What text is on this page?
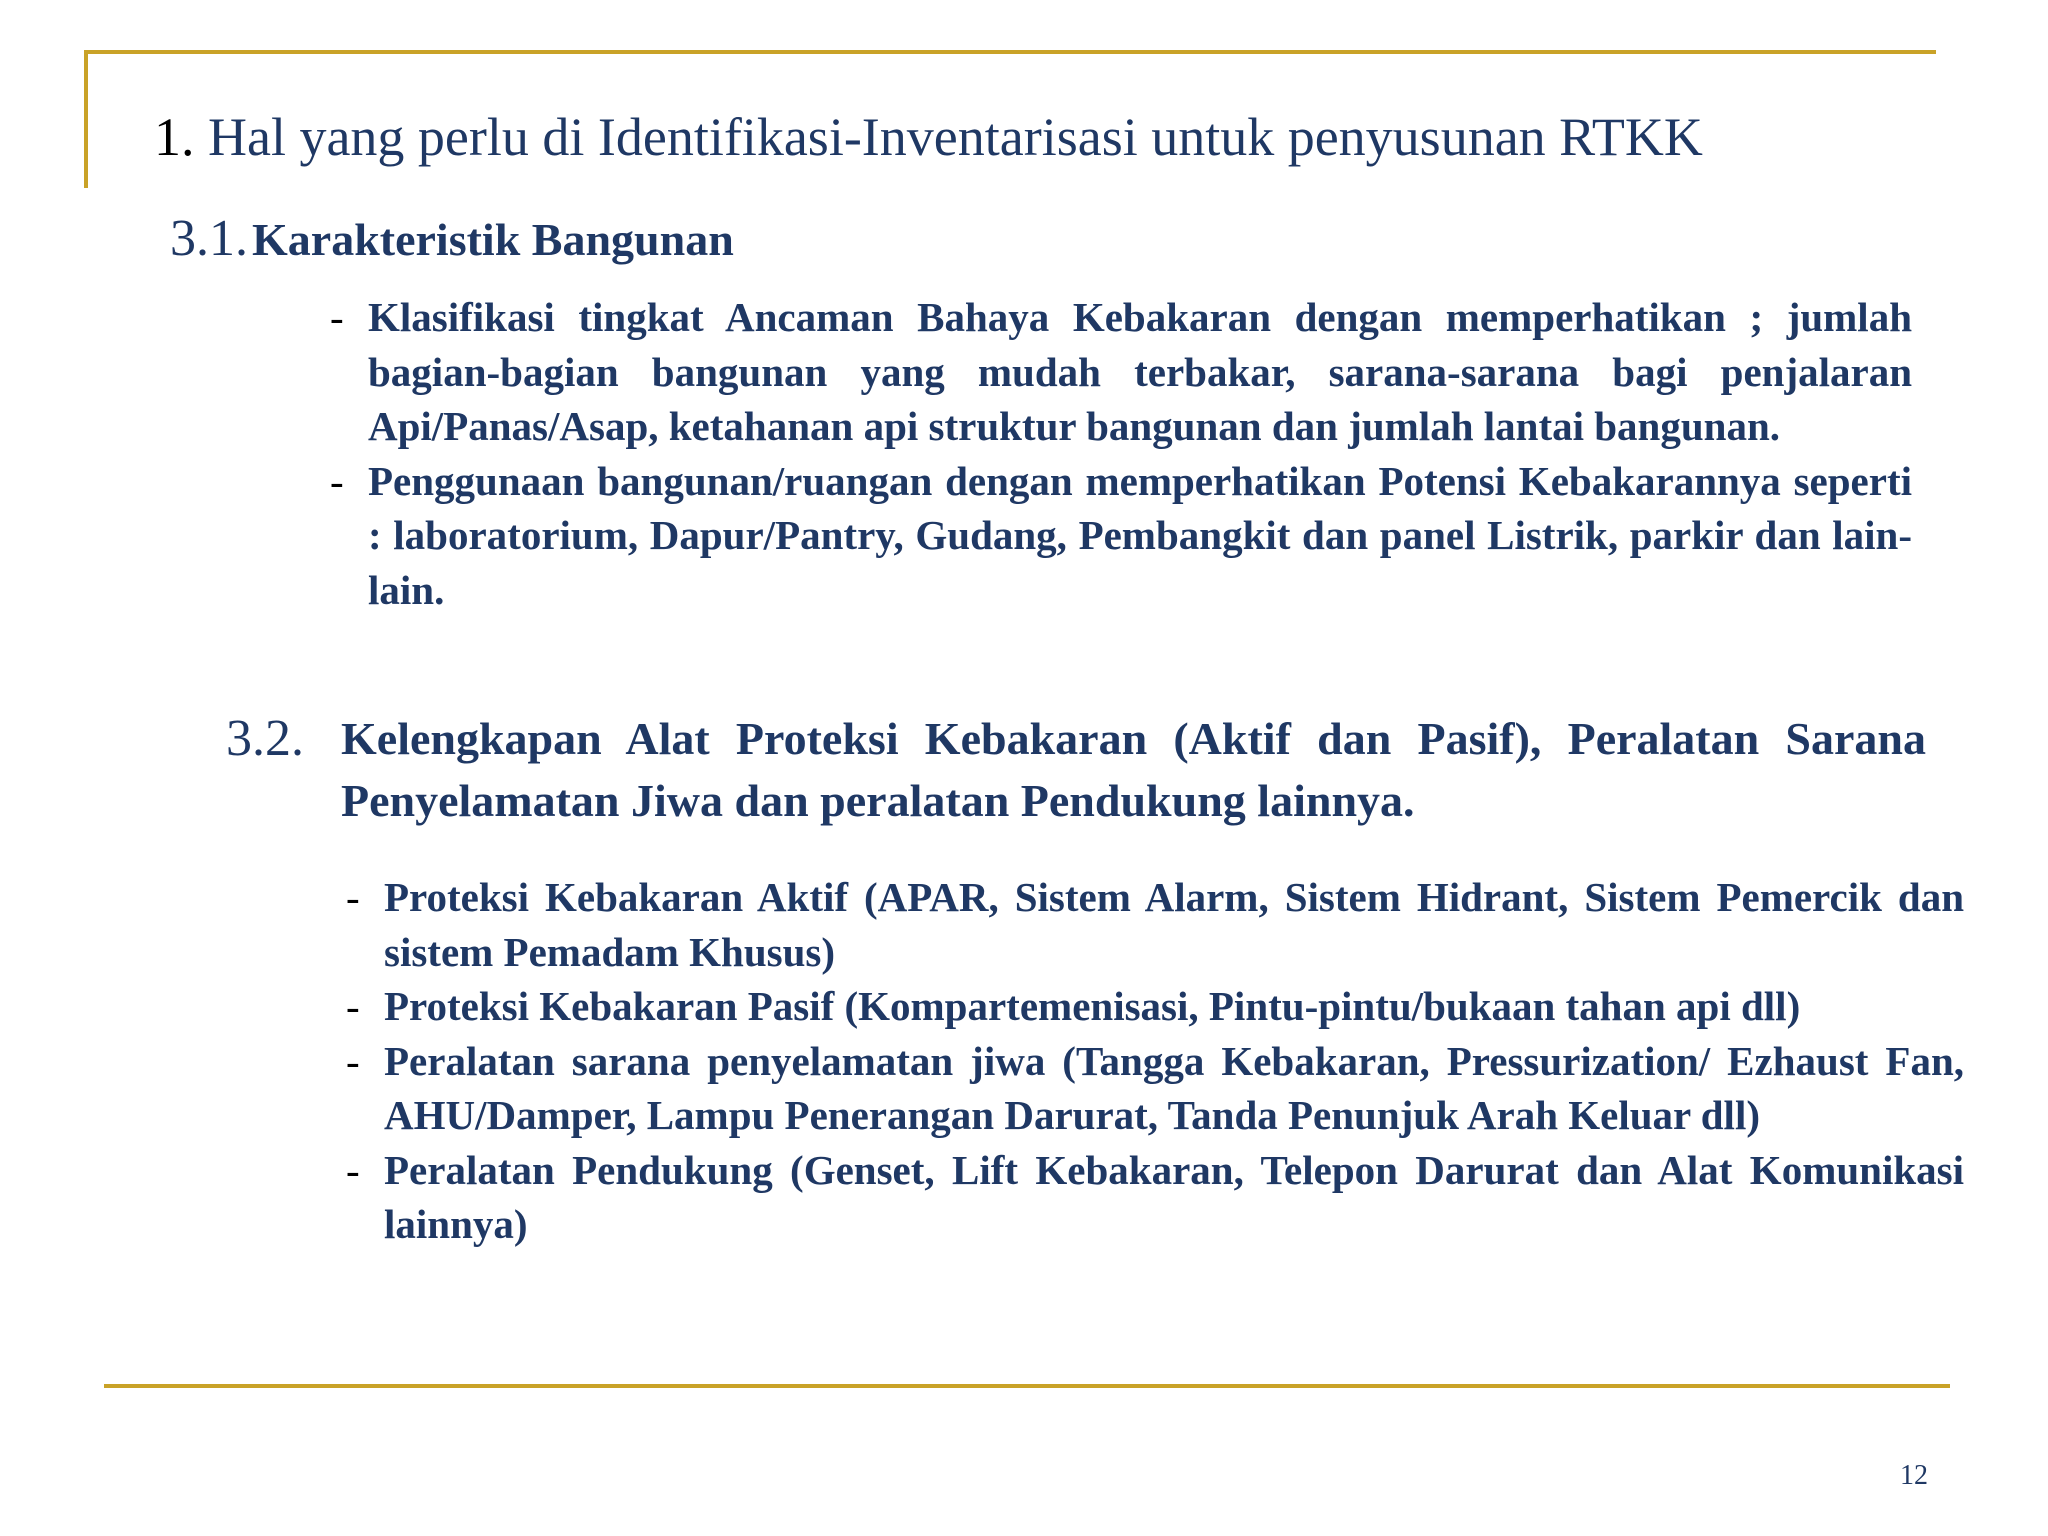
1. Hal yang perlu di Identifikasi-Inventarisasi untuk penyusunan RTKK
3.1. Karakteristik Bangunan
- Klasifikasi tingkat Ancaman Bahaya Kebakaran dengan memperhatikan ; jumlah bagian-bagian bangunan yang mudah terbakar, sarana-sarana bagi penjalaran Api/Panas/Asap, ketahanan api struktur bangunan dan jumlah lantai bangunan.
- Penggunaan bangunan/ruangan dengan memperhatikan Potensi Kebakarannya seperti : laboratorium, Dapur/Pantry, Gudang, Pembangkit dan panel Listrik, parkir dan lain-lain.
3.2. Kelengkapan Alat Proteksi Kebakaran (Aktif dan Pasif), Peralatan Sarana Penyelamatan Jiwa dan peralatan Pendukung lainnya.
- Proteksi Kebakaran Aktif (APAR, Sistem Alarm, Sistem Hidrant, Sistem Pemercik dan sistem Pemadam Khusus)
- Proteksi Kebakaran Pasif (Kompartemenisasi, Pintu-pintu/bukaan tahan api dll)
- Peralatan sarana penyelamatan jiwa (Tangga Kebakaran, Pressurization/ Ezhaust Fan, AHU/Damper, Lampu Penerangan Darurat, Tanda Penunjuk Arah Keluar dll)
- Peralatan Pendukung (Genset, Lift Kebakaran, Telepon Darurat dan Alat Komunikasi lainnya)
12
